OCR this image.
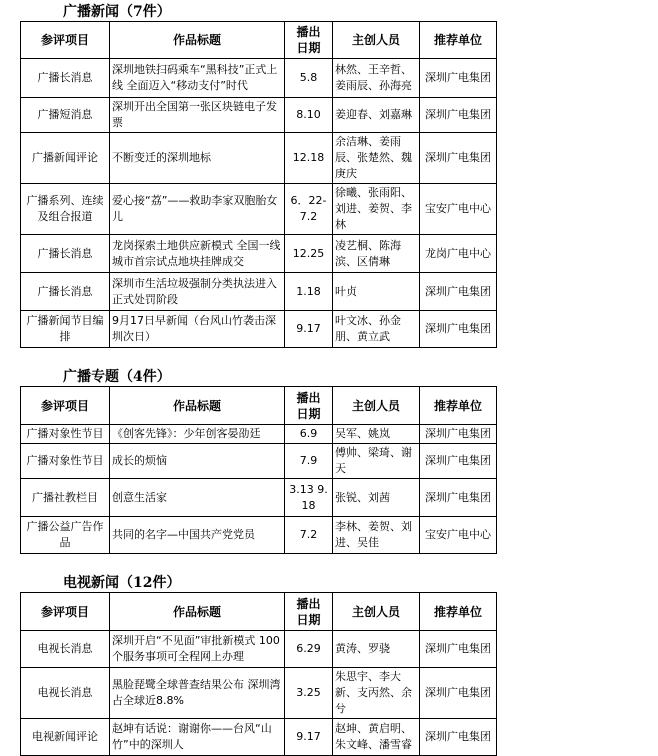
广播新闻（7件）
参评项目	作品标题	播出日期	主创人员	推荐单位
广播长消息	深圳地铁扫码乘车“黑科技”正式上线 全面迈入“移动支付”时代	5.8	林然、王辛哲、姜雨辰、孙海亮	深圳广电集团
广播短消息	深圳开出全国第一张区块链电子发票	8.10	姜迎春、刘嘉琳	深圳广电集团
广播新闻评论	不断变迁的深圳地标	12.18	余洁琳、姜雨辰、张楚然、魏庚庆	深圳广电集团
广播系列、连续及组合报道	爱心接“荔”——救助李家双胞胎女儿	6．22-7.2	徐曦、张雨阳、刘进、姜贺、李林	宝安广电中心
广播长消息	龙岗探索土地供应新模式 全国一线城市首宗试点地块挂牌成交	12.25	凌艺桐、陈海滨、区倩琳	龙岗广电中心
广播长消息	深圳市生活垃圾强制分类执法进入正式处罚阶段	1.18	叶贞	深圳广电集团
广播新闻节目编排	9月17日早新闻（台风山竹袭击深圳次日）	9.17	叶文冰、孙金朋、黄立武	深圳广电集团
广播专题（4件）
参评项目	作品标题	播出日期	主创人员	推荐单位
广播对象性节目	《创客先锋》：少年创客晏劭廷	6.9	吴军、姚岚	深圳广电集团
广播对象性节目	成长的烦恼	7.9	傅帅、梁琦、谢天	深圳广电集团
广播社教栏目	创意生活家	3.13 9.18	张锐、刘茜	深圳广电集团
广播公益广告作品	共同的名字—中国共产党党员	7.2	李林、姜贺、刘进、吴佳	宝安广电中心
电视新闻（12件）
参评项目	作品标题	播出日期	主创人员	推荐单位
电视长消息	深圳开启“不见面”审批新模式 100个服务事项可全程网上办理	6.29	黄涛、罗骁	深圳广电集团
电视长消息	黑脸琵鹭全球普查结果公布 深圳湾占全球近8.8%	3.25	朱思宇、李大新、支丙然、余兮	深圳广电集团
电视新闻评论	赵坤有话说：谢谢你——台风“山竹”中的深圳人	9.17	赵坤、黄启明、朱文峰、潘雪睿	深圳广电集团
